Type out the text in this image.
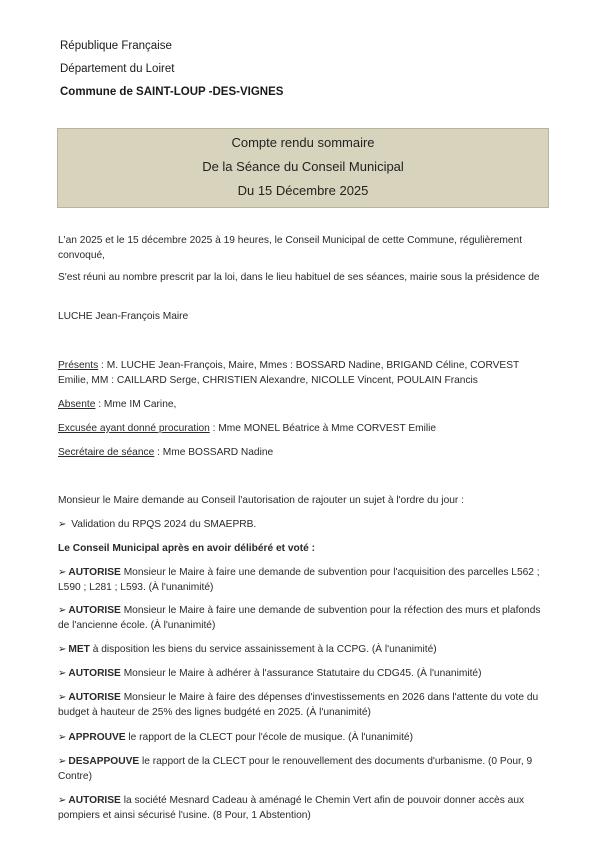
République Française
Département du Loiret
Commune de SAINT-LOUP -DES-VIGNES
Compte rendu sommaire
De la Séance du Conseil Municipal
Du 15 Décembre 2025
L'an 2025 et le 15 décembre 2025 à 19 heures, le Conseil Municipal de cette Commune, régulièrement convoqué,
S'est réuni au nombre prescrit par la loi, dans le lieu habituel de ses séances, mairie sous la présidence de
LUCHE Jean-François Maire
Présents : M. LUCHE Jean-François, Maire, Mmes : BOSSARD Nadine, BRIGAND Céline, CORVEST Emilie, MM : CAILLARD Serge, CHRISTIEN Alexandre, NICOLLE Vincent, POULAIN Francis
Absente : Mme IM Carine,
Excusée ayant donné procuration : Mme MONEL Béatrice à Mme CORVEST Emilie
Secrétaire de séance : Mme BOSSARD Nadine
Monsieur le Maire demande au Conseil l'autorisation de rajouter un sujet à l'ordre du jour :
➢ Validation du RPQS 2024 du SMAEPRB.
Le Conseil Municipal après en avoir délibéré et voté :
➢ AUTORISE Monsieur le Maire à faire une demande de subvention pour l'acquisition des parcelles L562 ; L590 ; L281 ; L593. (À l'unanimité)
➢ AUTORISE Monsieur le Maire à faire une demande de subvention pour la réfection des murs et plafonds de l'ancienne école. (À l'unanimité)
➢ MET à disposition les biens du service assainissement à la CCPG. (À l'unanimité)
➢ AUTORISE Monsieur le Maire à adhérer à l'assurance Statutaire du CDG45. (À l'unanimité)
➢ AUTORISE Monsieur le Maire à faire des dépenses d'investissements en 2026 dans l'attente du vote du budget à hauteur de 25% des lignes budgété en 2025. (À l'unanimité)
➢ APPROUVE le rapport de la CLECT pour l'école de musique. (À l'unanimité)
➢ DESAPPOUVE le rapport de la CLECT pour le renouvellement des documents d'urbanisme. (0 Pour, 9 Contre)
➢ AUTORISE la société Mesnard Cadeau à aménagé le Chemin Vert afin de pouvoir donner accès aux pompiers et ainsi sécurisé l'usine. (8 Pour, 1 Abstention)
